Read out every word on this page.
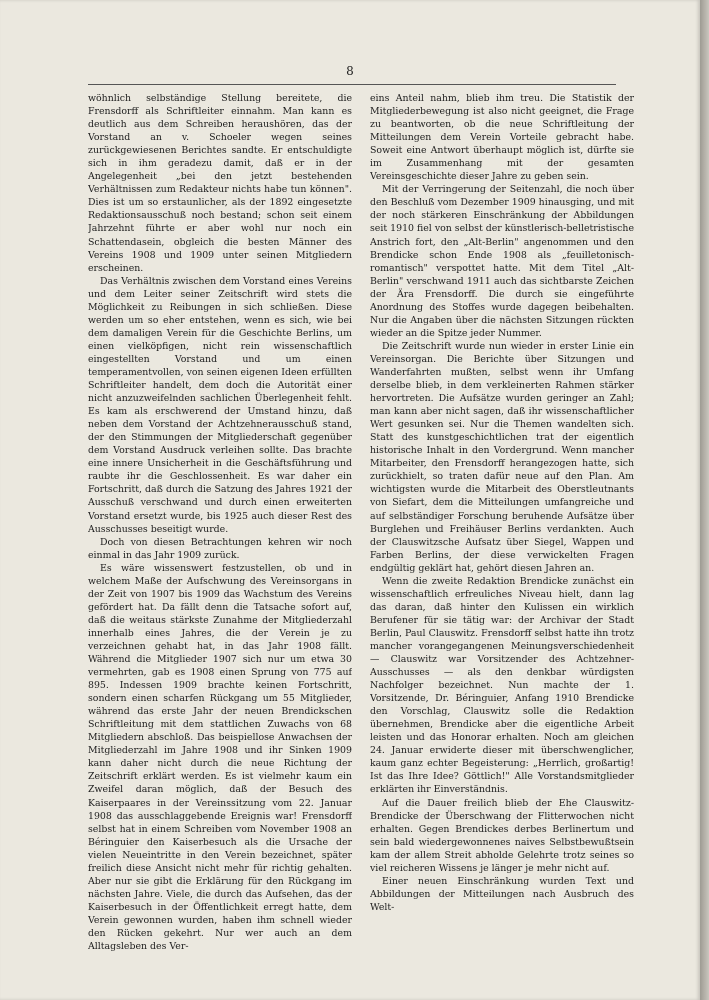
8

wöhnlich selbständige Stellung bereitete, die Frensdorff als Schriftleiter einnahm. Man kann es deutlich aus dem Schreiben heraushören, das der Vorstand an v. Schoeler wegen seines zurückgewiesenen Berichtes sandte. Er entschuldigte sich in ihm geradezu damit, daß er in der Angelegenheit „bei den jetzt bestehenden Verhältnissen zum Redakteur nichts habe tun können". Dies ist um so erstaunlicher, als der 1892 eingesetzte Redaktionsausschuß noch bestand; schon seit einem Jahrzehnt führte er aber wohl nur noch ein Schattendasein, obgleich die besten Männer des Vereins 1908 und 1909 unter seinen Mitgliedern erscheinen.

Das Verhältnis zwischen dem Vorstand eines Vereins und dem Leiter seiner Zeitschrift wird stets die Möglichkeit zu Reibungen in sich schließen. Diese werden um so eher entstehen, wenn es sich, wie bei dem damaligen Verein für die Geschichte Berlins, um einen vielköpfigen, nicht rein wissenschaftlich eingestellten Vorstand und um einen temperamentvollen, von seinen eigenen Ideen erfüllten Schriftleiter handelt, dem doch die Autorität einer nicht anzuzweifelnden sachlichen Überlegenheit fehlt. Es kam als erschwerend der Umstand hinzu, daß neben dem Vorstand der Achtzehnerausschuß stand, der den Stimmungen der Mitgliederschaft gegenüber dem Vorstand Ausdruck verleihen sollte. Das brachte eine innere Unsicherheit in die Geschäftsführung und raubte ihr die Geschlossenheit. Es war daher ein Fortschritt, daß durch die Satzung des Jahres 1921 der Ausschuß verschwand und durch einen erweiterten Vorstand ersetzt wurde, bis 1925 auch dieser Rest des Ausschusses beseitigt wurde.

Doch von diesen Betrachtungen kehren wir noch einmal in das Jahr 1909 zurück.

Es wäre wissenswert festzustellen, ob und in welchem Maße der Aufschwung des Vereinsorgans in der Zeit von 1907 bis 1909 das Wachstum des Vereins gefördert hat. Da fällt denn die Tatsache sofort auf, daß die weitaus stärkste Zunahme der Mitgliederzahl innerhalb eines Jahres, die der Verein je zu verzeichnen gehabt hat, in das Jahr 1908 fällt. Während die Mitglieder 1907 sich nur um etwa 30 vermehrten, gab es 1908 einen Sprung von 775 auf 895. Indessen 1909 brachte keinen Fortschritt, sondern einen scharfen Rückgang um 55 Mitglieder, während das erste Jahr der neuen Brendickschen Schriftleitung mit dem stattlichen Zuwachs von 68 Mitgliedern abschloß. Das beispiellose Anwachsen der Mitgliederzahl im Jahre 1908 und ihr Sinken 1909 kann daher nicht durch die neue Richtung der Zeitschrift erklärt werden. Es ist vielmehr kaum ein Zweifel daran möglich, daß der Besuch des Kaiserpaares in der Vereinssitzung vom 22. Januar 1908 das ausschlaggebende Ereignis war! Frensdorff selbst hat in einem Schreiben vom November 1908 an Béringuier den Kaiserbesuch als die Ursache der vielen Neueintritte in den Verein bezeichnet, später freilich diese Ansicht nicht mehr für richtig gehalten. Aber nur sie gibt die Erklärung für den Rückgang im nächsten Jahre. Viele, die durch das Aufsehen, das der Kaiserbesuch in der Öffentlichkeit erregt hatte, dem Verein gewonnen wurden, haben ihm schnell wieder den Rücken gekehrt. Nur wer auch an dem Alltagsleben des Ver-

eins Anteil nahm, blieb ihm treu. Die Statistik der Mitgliederbewegung ist also nicht geeignet, die Frage zu beantworten, ob die neue Schriftleitung der Mitteilungen dem Verein Vorteile gebracht habe. Soweit eine Antwort überhaupt möglich ist, dürfte sie im Zusammenhang mit der gesamten Vereinsgeschichte dieser Jahre zu geben sein.

Mit der Verringerung der Seitenzahl, die noch über den Beschluß vom Dezember 1909 hinausging, und mit der noch stärkeren Einschränkung der Abbildungen seit 1910 fiel von selbst der künstlerisch-belletristische Anstrich fort, den „Alt-Berlin" angenommen und den Brendicke schon Ende 1908 als „feuilletonisch-romantisch" verspottet hatte. Mit dem Titel „Alt-Berlin" verschwand 1911 auch das sichtbarste Zeichen der Ära Frensdorff. Die durch sie eingeführte Anordnung des Stoffes wurde dagegen beibehalten. Nur die Angaben über die nächsten Sitzungen rückten wieder an die Spitze jeder Nummer.

Die Zeitschrift wurde nun wieder in erster Linie ein Vereinsorgan. Die Berichte über Sitzungen und Wanderfahrten mußten, selbst wenn ihr Umfang derselbe blieb, in dem verkleinerten Rahmen stärker hervortreten. Die Aufsätze wurden geringer an Zahl; man kann aber nicht sagen, daß ihr wissenschaftlicher Wert gesunken sei. Nur die Themen wandelten sich. Statt des kunstgeschichtlichen trat der eigentlich historische Inhalt in den Vordergrund. Wenn mancher Mitarbeiter, den Frensdorff herangezogen hatte, sich zurückhielt, so traten dafür neue auf den Plan. Am wichtigsten wurde die Mitarbeit des Oberstleutnants von Siefart, dem die Mitteilungen umfangreiche und auf selbständiger Forschung beruhende Aufsätze über Burglehen und Freihäuser Berlins verdankten. Auch der Clauswitzsche Aufsatz über Siegel, Wappen und Farben Berlins, der diese verwickelten Fragen endgültig geklärt hat, gehört diesen Jahren an.

Wenn die zweite Redaktion Brendicke zunächst ein wissenschaftlich erfreuliches Niveau hielt, dann lag das daran, daß hinter den Kulissen ein wirklich Berufener für sie tätig war: der Archivar der Stadt Berlin, Paul Clauswitz. Frensdorff selbst hatte ihn trotz mancher vorangegangenen Meinungsverschiedenheit — Clauswitz war Vorsitzender des Achtzehner-Ausschusses — als den denkbar würdigsten Nachfolger bezeichnet. Nun machte der 1. Vorsitzende, Dr. Béringuier, Anfang 1910 Brendicke den Vorschlag, Clauswitz solle die Redaktion übernehmen, Brendicke aber die eigentliche Arbeit leisten und das Honorar erhalten. Noch am gleichen 24. Januar erwiderte dieser mit überschwenglicher, kaum ganz echter Begeisterung: „Herrlich, großartig! Ist das Ihre Idee? Göttlich!" Alle Vorstandsmitglieder erklärten ihr Einverständnis.

Auf die Dauer freilich blieb der Ehe Clauswitz-Brendicke der Überschwang der Flitterwochen nicht erhalten. Gegen Brendickes derbes Berlinertum und sein bald wiedergewonnenes naives Selbstbewußtsein kam der allem Streit abholde Gelehrte trotz seines so viel reicheren Wissens je länger je mehr nicht auf.

Einer neuen Einschränkung wurden Text und Abbildungen der Mitteilungen nach Ausbruch des Welt-
